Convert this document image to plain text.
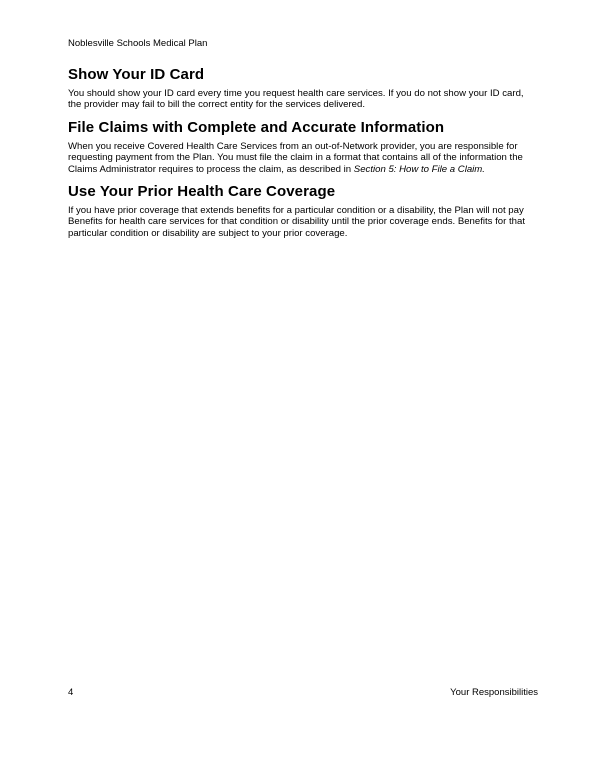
Noblesville Schools Medical Plan
Show Your ID Card

You should show your ID card every time you request health care services. If you do not show your ID card, the provider may fail to bill the correct entity for the services delivered.

File Claims with Complete and Accurate Information

When you receive Covered Health Care Services from an out-of-Network provider, you are responsible for requesting payment from the Plan. You must file the claim in a format that contains all of the information the Claims Administrator requires to process the claim, as described in Section 5: How to File a Claim.

Use Your Prior Health Care Coverage

If you have prior coverage that extends benefits for a particular condition or a disability, the Plan will not pay Benefits for health care services for that condition or disability until the prior coverage ends. Benefits for that particular condition or disability are subject to your prior coverage.

4	Your Responsibilities
